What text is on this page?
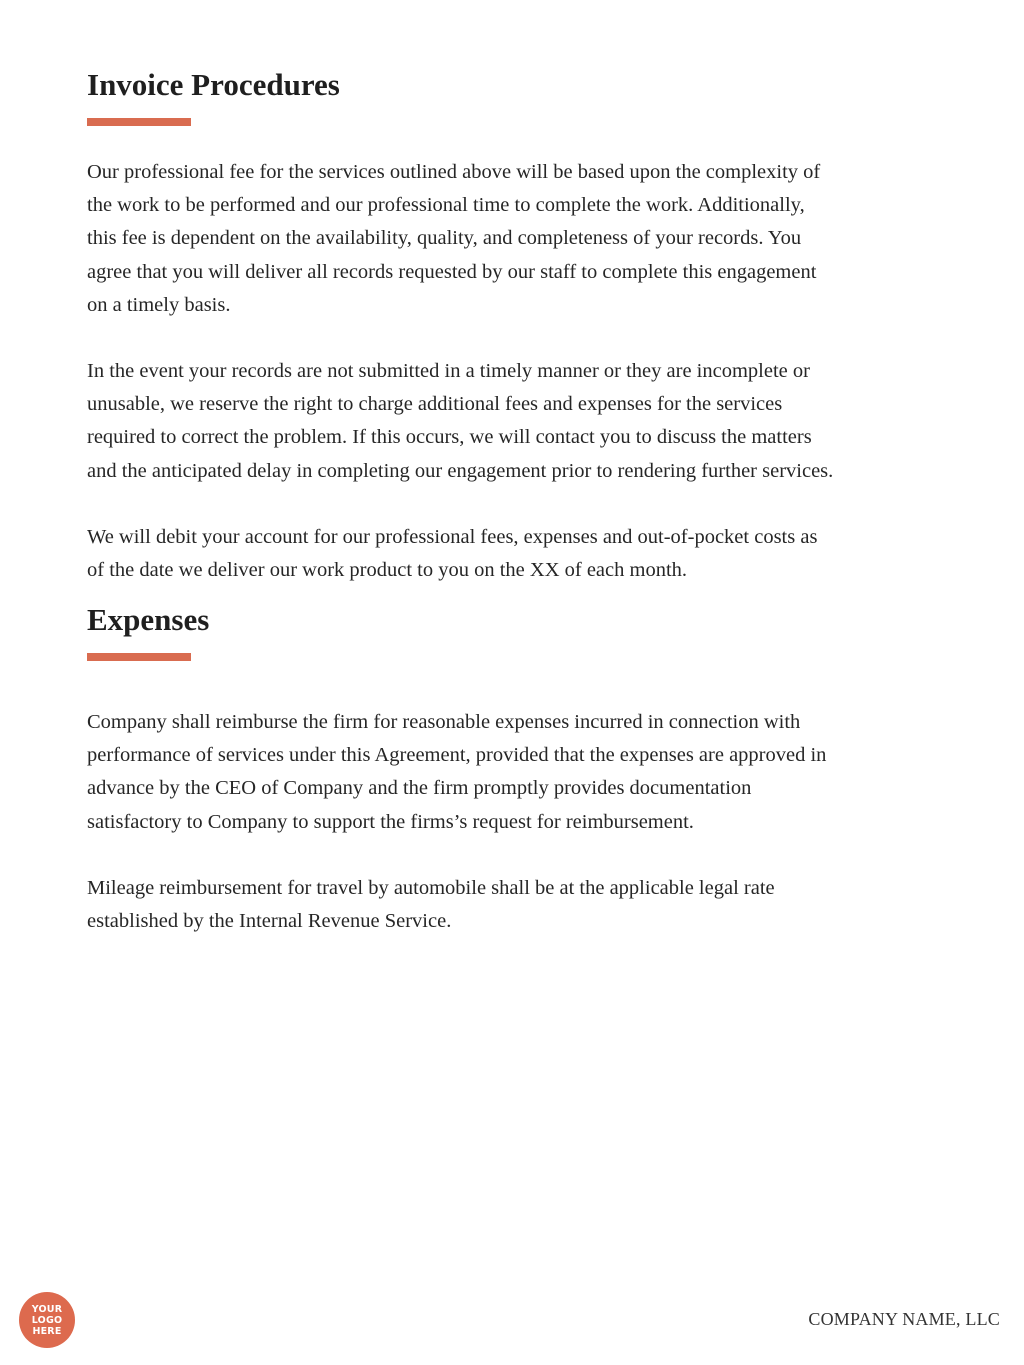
Invoice Procedures

Our professional fee for the services outlined above will be based upon the complexity of
the work to be performed and our professional time to complete the work. Additionally,
this fee is dependent on the availability, quality, and completeness of your records. You
agree that you will deliver all records requested by our staff to complete this engagement
on a timely basis.

In the event your records are not submitted in a timely manner or they are incomplete or
unusable, we reserve the right to charge additional fees and expenses for the services
required to correct the problem. If this occurs, we will contact you to discuss the matters
and the anticipated delay in completing our engagement prior to rendering further services.

We will debit your account for our professional fees, expenses and out-of-pocket costs as
of the date we deliver our work product to you on the XX of each month.

Expenses

Company shall reimburse the firm for reasonable expenses incurred in connection with
performance of services under this Agreement, provided that the expenses are approved in
advance by the CEO of Company and the firm promptly provides documentation
satisfactory to Company to support the firms’s request for reimbursement.

Mileage reimbursement for travel by automobile shall be at the applicable legal rate
established by the Internal Revenue Service.

YOUR
LOGO
HERE
COMPANY NAME, LLC
